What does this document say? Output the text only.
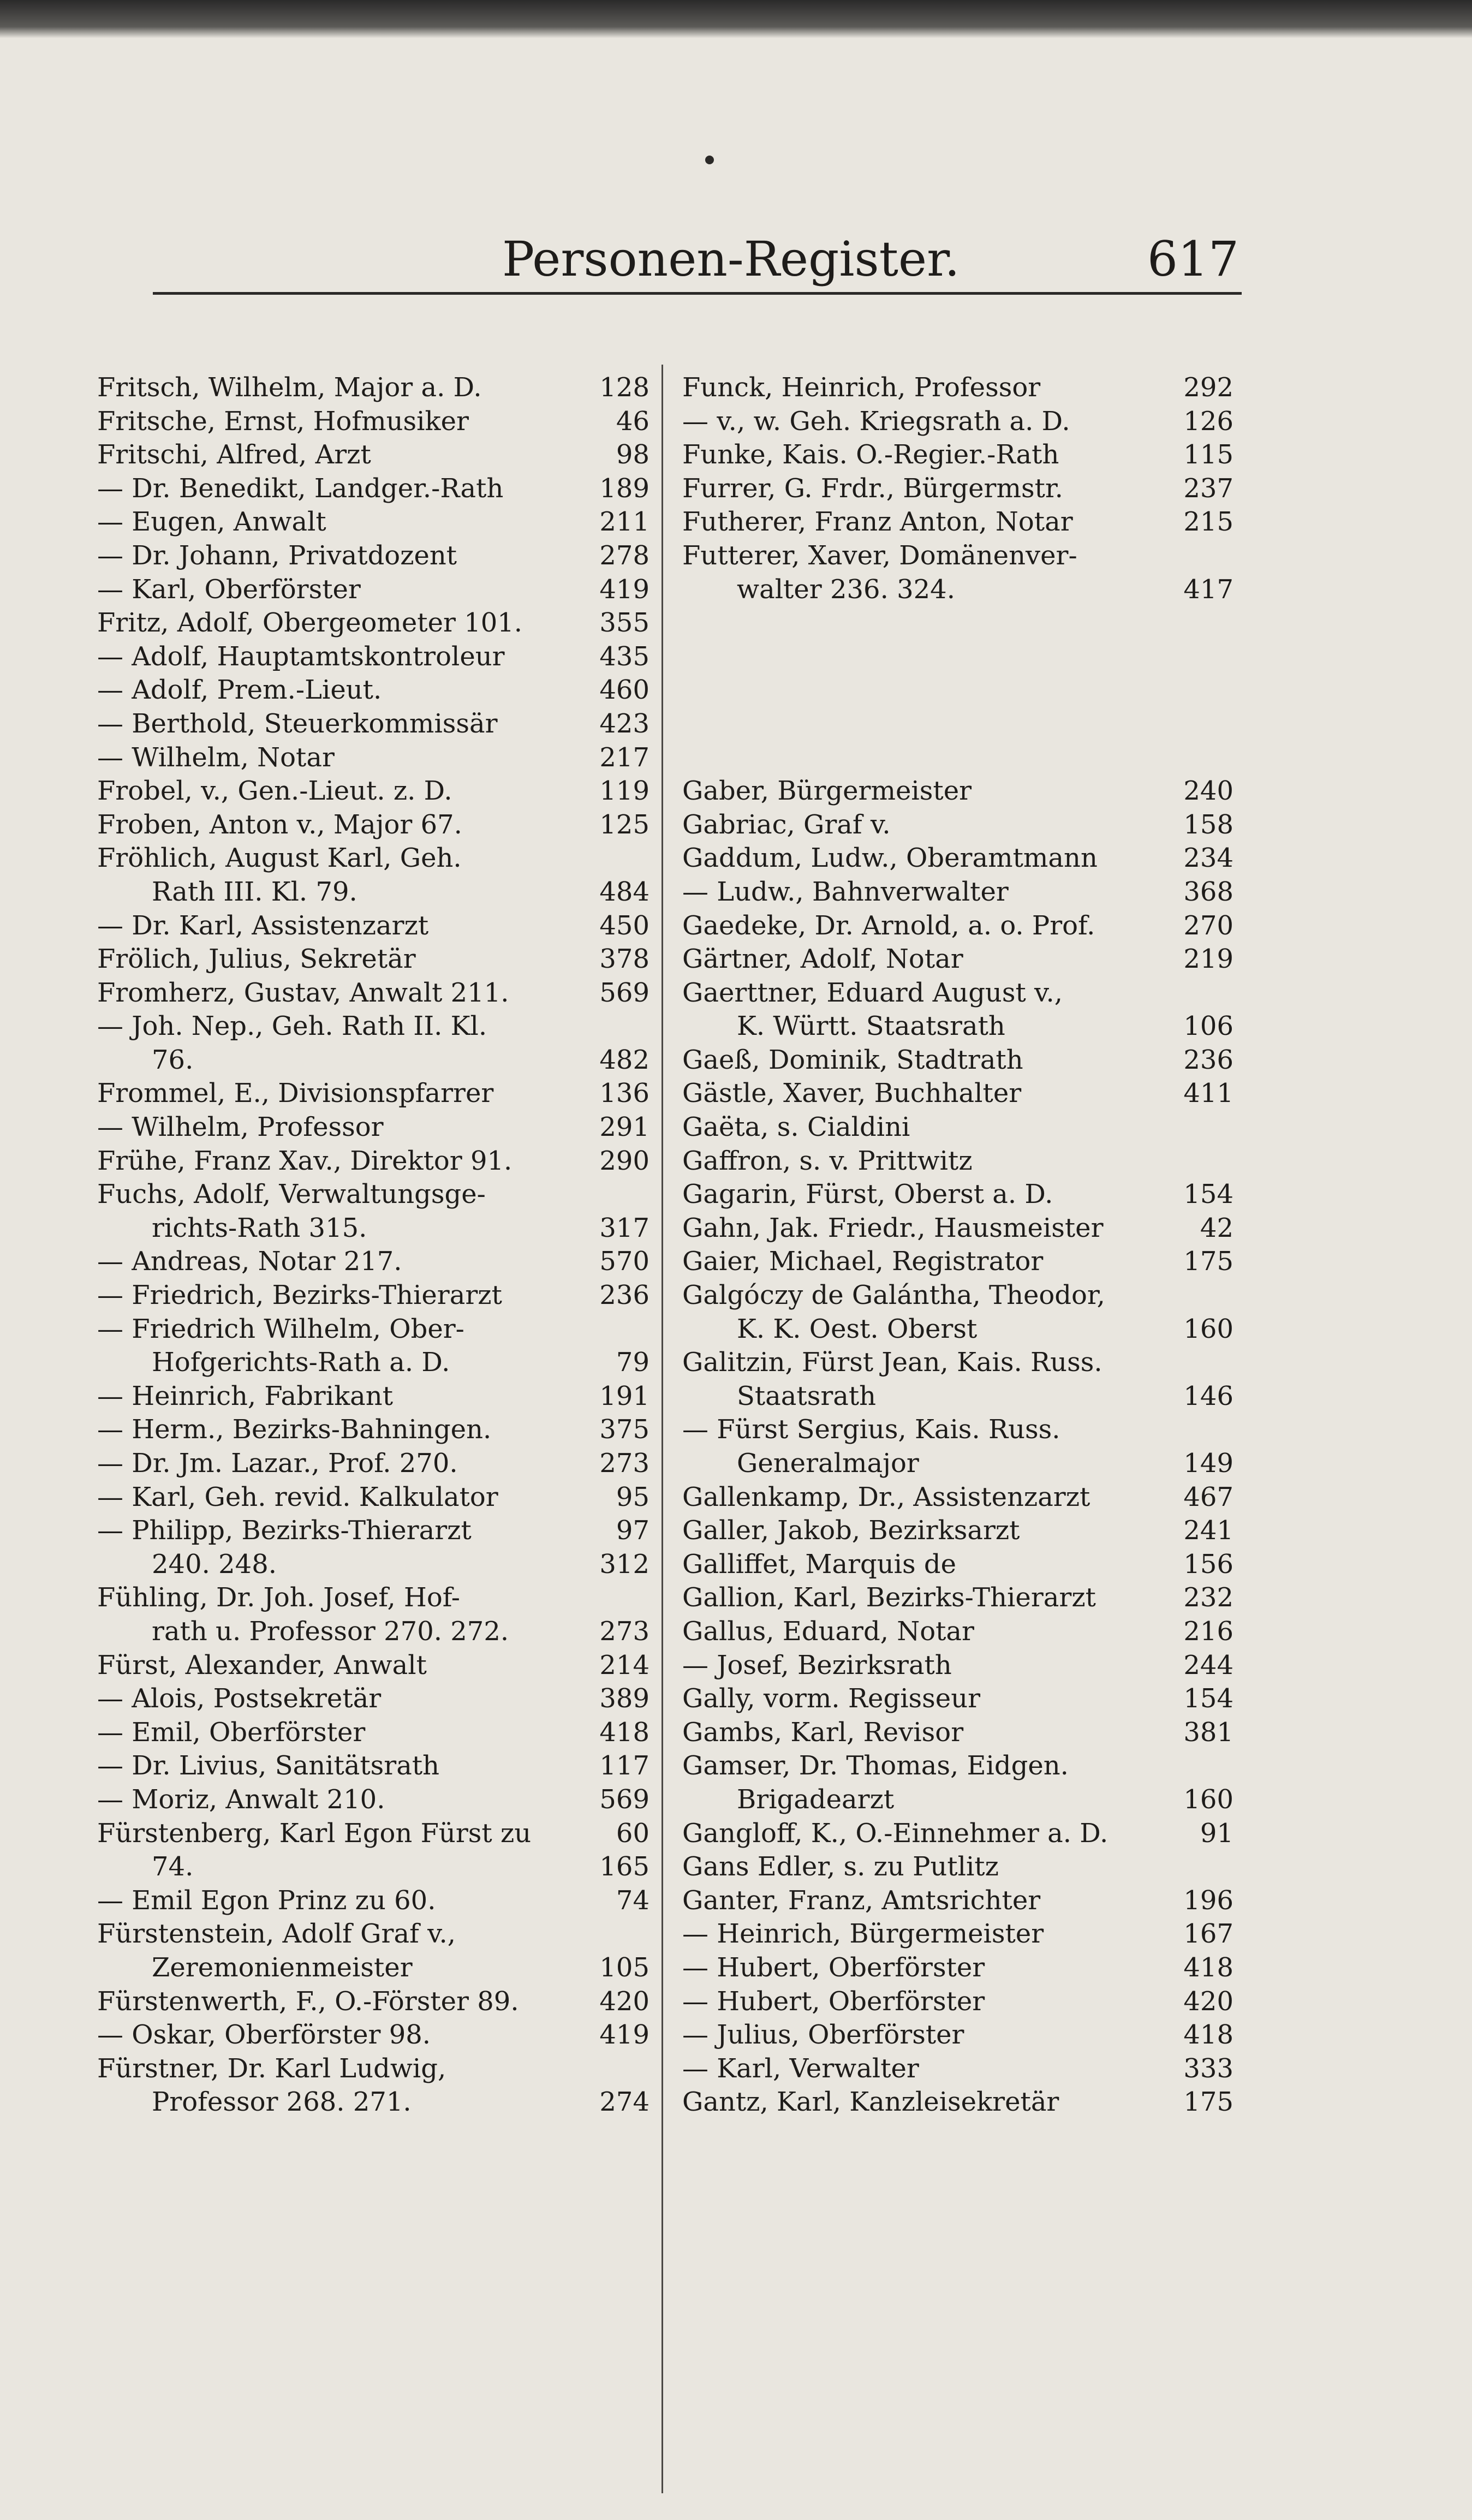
Personen-Register.	617
Fritsch, Wilhelm, Major a. D.	128
Fritsche, Ernst, Hofmusiker	46
Fritschi, Alfred, Arzt	98
— Dr. Benedikt, Landger.-Rath	189
— Eugen, Anwalt	211
— Dr. Johann, Privatdozent	278
— Karl, Oberförster	419
Fritz, Adolf, Obergeometer 101.	355
— Adolf, Hauptamtskontroleur	435
— Adolf, Prem.-Lieut.	460
— Berthold, Steuerkommissär	423
— Wilhelm, Notar	217
Frobel, v., Gen.-Lieut. z. D.	119
Froben, Anton v., Major 67.	125
Fröhlich, August Karl, Geh.
Rath III. Kl. 79.	484
— Dr. Karl, Assistenzarzt	450
Frölich, Julius, Sekretär	378
Fromherz, Gustav, Anwalt 211.	569
— Joh. Nep., Geh. Rath II. Kl.
76.	482
Frommel, E., Divisionspfarrer	136
— Wilhelm, Professor	291
Frühe, Franz Xav., Direktor 91.	290
Fuchs, Adolf, Verwaltungsge-
richts-Rath 315.	317
— Andreas, Notar 217.	570
— Friedrich, Bezirks-Thierarzt	236
— Friedrich Wilhelm, Ober-
Hofgerichts-Rath a. D.	79
— Heinrich, Fabrikant	191
— Herm., Bezirks-Bahningen.	375
— Dr. Jm. Lazar., Prof. 270.	273
— Karl, Geh. revid. Kalkulator	95
— Philipp, Bezirks-Thierarzt	97
240. 248.	312
Fühling, Dr. Joh. Josef, Hof-
rath u. Professor 270. 272.	273
Fürst, Alexander, Anwalt	214
— Alois, Postsekretär	389
— Emil, Oberförster	418
— Dr. Livius, Sanitätsrath	117
— Moriz, Anwalt 210.	569
Fürstenberg, Karl Egon Fürst zu	60
74.	165
— Emil Egon Prinz zu 60.	74
Fürstenstein, Adolf Graf v.,
Zeremonienmeister	105
Fürstenwerth, F., O.-Förster 89.	420
— Oskar, Oberförster 98.	419
Fürstner, Dr. Karl Ludwig,
Professor 268. 271.	274
Funck, Heinrich, Professor	292
— v., w. Geh. Kriegsrath a. D.	126
Funke, Kais. O.-Regier.-Rath	115
Furrer, G. Frdr., Bürgermstr.	237
Futherer, Franz Anton, Notar	215
Futterer, Xaver, Domänenver-
walter 236. 324.	417
Gaber, Bürgermeister	240
Gabriac, Graf v.	158
Gaddum, Ludw., Oberamtmann	234
— Ludw., Bahnverwalter	368
Gaedeke, Dr. Arnold, a. o. Prof.	270
Gärtner, Adolf, Notar	219
Gaerttner, Eduard August v.,
K. Württ. Staatsrath	106
Gaeß, Dominik, Stadtrath	236
Gästle, Xaver, Buchhalter	411
Gaëta, s. Cialdini
Gaffron, s. v. Prittwitz
Gagarin, Fürst, Oberst a. D.	154
Gahn, Jak. Friedr., Hausmeister	42
Gaier, Michael, Registrator	175
Galgóczy de Galántha, Theodor,
K. K. Oest. Oberst	160
Galitzin, Fürst Jean, Kais. Russ.
Staatsrath	146
— Fürst Sergius, Kais. Russ.
Generalmajor	149
Gallenkamp, Dr., Assistenzarzt	467
Galler, Jakob, Bezirksarzt	241
Galliffet, Marquis de	156
Gallion, Karl, Bezirks-Thierarzt	232
Gallus, Eduard, Notar	216
— Josef, Bezirksrath	244
Gally, vorm. Regisseur	154
Gambs, Karl, Revisor	381
Gamser, Dr. Thomas, Eidgen.
Brigadearzt	160
Gangloff, K., O.-Einnehmer a. D.	91
Gans Edler, s. zu Putlitz
Ganter, Franz, Amtsrichter	196
— Heinrich, Bürgermeister	167
— Hubert, Oberförster	418
— Hubert, Oberförster	420
— Julius, Oberförster	418
— Karl, Verwalter	333
Gantz, Karl, Kanzleisekretär	175
